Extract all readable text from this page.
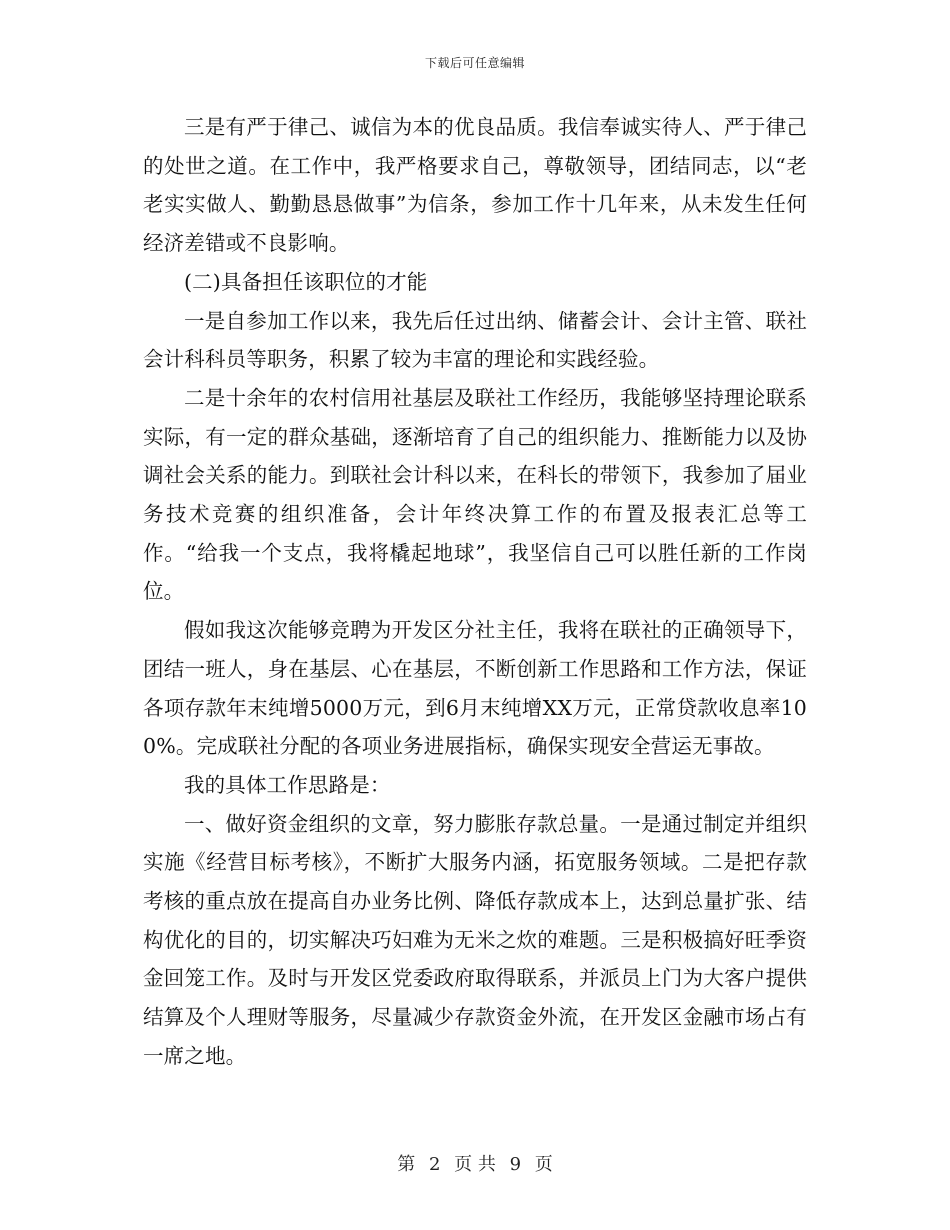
下载后可任意编辑

三是有严于律己、诚信为本的优良品质。我信奉诚实待人、严于律己的处世之道。在工作中，我严格要求自己，尊敬领导，团结同志，以“老老实实做人、勤勤恳恳做事”为信条，参加工作十几年来，从未发生任何经济差错或不良影响。

(二)具备担任该职位的才能

一是自参加工作以来，我先后任过出纳、储蓄会计、会计主管、联社会计科科员等职务，积累了较为丰富的理论和实践经验。

二是十余年的农村信用社基层及联社工作经历，我能够坚持理论联系实际，有一定的群众基础，逐渐培育了自己的组织能力、推断能力以及协调社会关系的能力。到联社会计科以来，在科长的带领下，我参加了届业务技术竞赛的组织准备，会计年终决算工作的布置及报表汇总等工作。“给我一个支点，我将橇起地球”，我坚信自己可以胜任新的工作岗位。

假如我这次能够竞聘为开发区分社主任，我将在联社的正确领导下，团结一班人，身在基层、心在基层，不断创新工作思路和工作方法，保证各项存款年末纯增5000万元，到6月末纯增XX万元，正常贷款收息率100%。完成联社分配的各项业务进展指标，确保实现安全营运无事故。

我的具体工作思路是：

一、做好资金组织的文章，努力膨胀存款总量。一是通过制定并组织实施《经营目标考核》，不断扩大服务内涵，拓宽服务领域。二是把存款考核的重点放在提高自办业务比例、降低存款成本上，达到总量扩张、结构优化的目的，切实解决巧妇难为无米之炊的难题。三是积极搞好旺季资金回笼工作。及时与开发区党委政府取得联系，并派员上门为大客户提供结算及个人理财等服务，尽量减少存款资金外流，在开发区金融市场占有一席之地。

第 2 页 共 9 页
